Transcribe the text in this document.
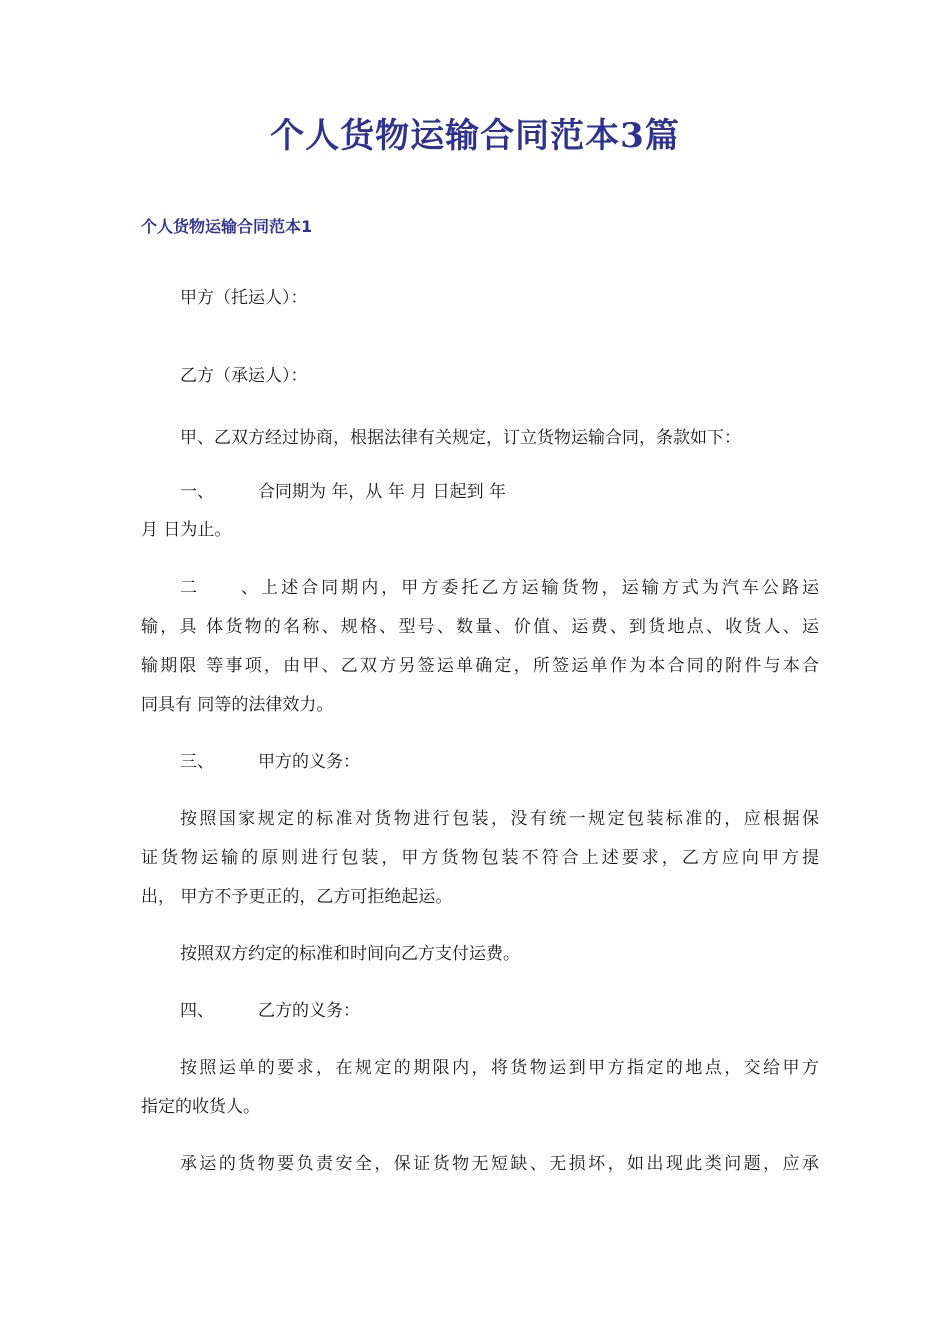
个人货物运输合同范本3篇
个人货物运输合同范本1
甲方（托运人）：
乙方（承运人）：
甲、乙双方经过协商，根据法律有关规定，订立货物运输合同，条款如下：
一、	合同期为 年，从 年 月 日起到 年
月 日为止。
二、上述合同期内，甲方委托乙方运输货物，运输方式为汽车公路运
输，具 体货物的名称、规格、型号、数量、价值、运费、到货地点、收货人、运
输期限 等事项，由甲、乙双方另签运单确定，所签运单作为本合同的附件与本合
同具有 同等的法律效力。
三、	甲方的义务：
按照国家规定的标准对货物进行包装，没有统一规定包装标准的，应根据保
证货物运输的原则进行包装，甲方货物包装不符合上述要求，乙方应向甲方提
出， 甲方不予更正的，乙方可拒绝起运。
按照双方约定的标准和时间向乙方支付运费。
四、	乙方的义务：
按照运单的要求，在规定的期限内，将货物运到甲方指定的地点，交给甲方
指定的收货人。
承运的货物要负责安全，保证货物无短缺、无损坏，如出现此类问题，应承
